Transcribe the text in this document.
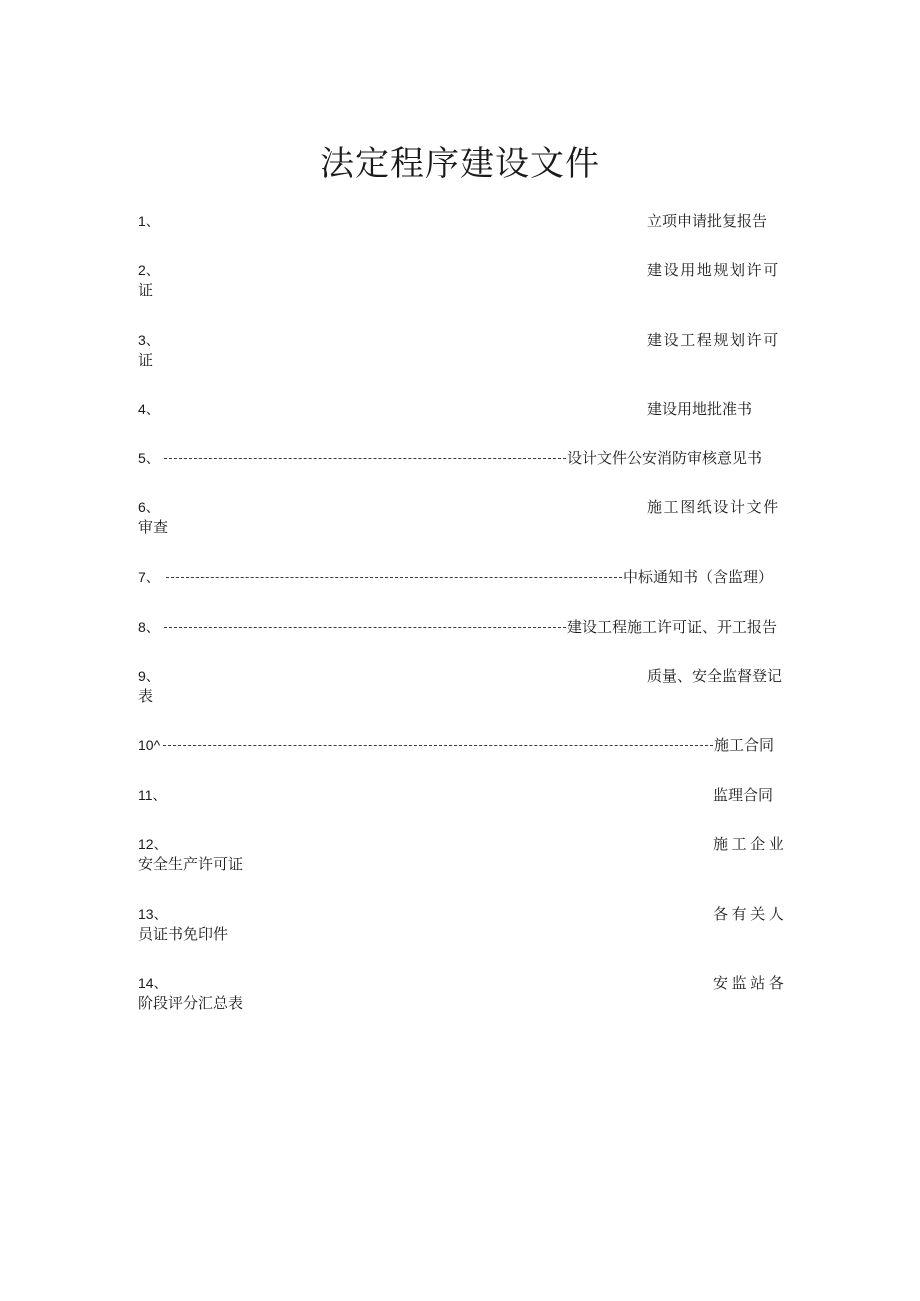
法定程序建设文件
1、	立项申请批复报告
2、	建设用地规划许可
证
3、	建设工程规划许可
证
4、	建设用地批准书
5、	设计文件公安消防审核意见书
6、	施工图纸设计文件
审查
7、	中标通知书（含监理）
8、	建设工程施工许可证、开工报告
9、	质量、安全监督登记
表
10^	施工合同
11、	监理合同
12、	施工企业
安全生产许可证
13、	各有关人
员证书免印件
14、	安监站各
阶段评分汇总表
